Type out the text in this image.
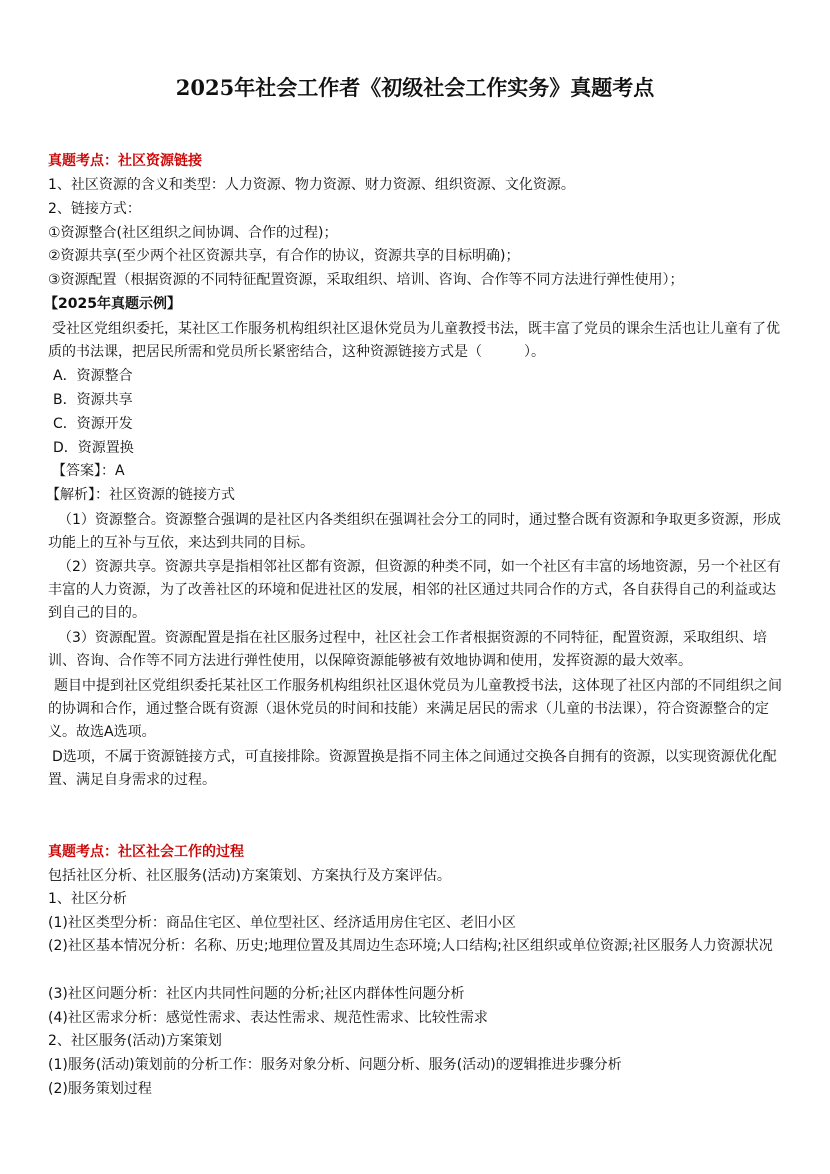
2025年社会工作者《初级社会工作实务》真题考点
真题考点：社区资源链接
1、社区资源的含义和类型：人力资源、物力资源、财力资源、组织资源、文化资源。
2、链接方式：
①资源整合(社区组织之间协调、合作的过程)；
②资源共享(至少两个社区资源共享，有合作的协议，资源共享的目标明确)；
③资源配置（根据资源的不同特征配置资源，采取组织、培训、咨询、合作等不同方法进行弹性使用）；
【2025年真题示例】
受社区党组织委托，某社区工作服务机构组织社区退休党员为儿童教授书法，既丰富了党员的课余生活也让儿童有了优质的书法课，把居民所需和党员所长紧密结合，这种资源链接方式是（　　　）。
A．资源整合
B．资源共享
C．资源开发
D．资源置换
【答案】：A
【解析】：社区资源的链接方式
（1）资源整合。资源整合强调的是社区内各类组织在强调社会分工的同时，通过整合既有资源和争取更多资源，形成功能上的互补与互依，来达到共同的目标。
（2）资源共享。资源共享是指相邻社区都有资源，但资源的种类不同，如一个社区有丰富的场地资源，另一个社区有丰富的人力资源，为了改善社区的环境和促进社区的发展，相邻的社区通过共同合作的方式，各自获得自己的利益或达到自己的目的。
（3）资源配置。资源配置是指在社区服务过程中，社区社会工作者根据资源的不同特征，配置资源，采取组织、培训、咨询、合作等不同方法进行弹性使用，以保障资源能够被有效地协调和使用，发挥资源的最大效率。
题目中提到社区党组织委托某社区工作服务机构组织社区退休党员为儿童教授书法，这体现了社区内部的不同组织之间的协调和合作，通过整合既有资源（退休党员的时间和技能）来满足居民的需求（儿童的书法课），符合资源整合的定义。故选A选项。
D选项，不属于资源链接方式，可直接排除。资源置换是指不同主体之间通过交换各自拥有的资源，以实现资源优化配置、满足自身需求的过程。
真题考点：社区社会工作的过程
包括社区分析、社区服务(活动)方案策划、方案执行及方案评估。
1、社区分析
(1)社区类型分析：商品住宅区、单位型社区、经济适用房住宅区、老旧小区
(2)社区基本情况分析：名称、历史;地理位置及其周边生态环境;人口结构;社区组织或单位资源;社区服务人力资源状况
(3)社区问题分析：社区内共同性问题的分析;社区内群体性问题分析
(4)社区需求分析：感觉性需求、表达性需求、规范性需求、比较性需求
2、社区服务(活动)方案策划
(1)服务(活动)策划前的分析工作：服务对象分析、问题分析、服务(活动)的逻辑推进步骤分析
(2)服务策划过程
